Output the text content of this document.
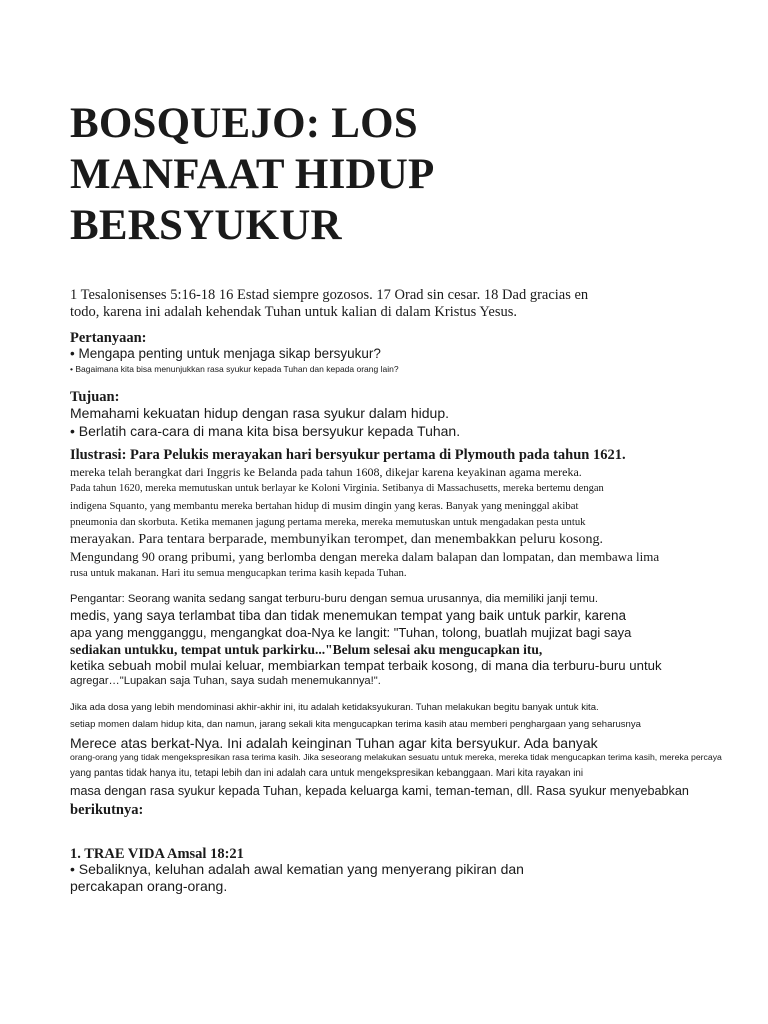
BOSQUEJO: LOS
MANFAAT HIDUP
BERSYUKUR

1 Tesalonisenses 5:16-18 16 Estad siempre gozosos. 17 Orad sin cesar. 18 Dad gracias en

todo, karena ini adalah kehendak Tuhan untuk kalian di dalam Kristus Yesus.

Pertanyaan:

• Mengapa penting untuk menjaga sikap bersyukur?

• Bagaimana kita bisa menunjukkan rasa syukur kepada Tuhan dan kepada orang lain?

Tujuan:

Memahami kekuatan hidup dengan rasa syukur dalam hidup.

• Berlatih cara-cara di mana kita bisa bersyukur kepada Tuhan.

Ilustrasi: Para Pelukis merayakan hari bersyukur pertama di Plymouth pada tahun 1621.

mereka telah berangkat dari Inggris ke Belanda pada tahun 1608, dikejar karena keyakinan agama mereka.

Pada tahun 1620, mereka memutuskan untuk berlayar ke Koloni Virginia. Setibanya di Massachusetts, mereka bertemu dengan

indigena Squanto, yang membantu mereka bertahan hidup di musim dingin yang keras. Banyak yang meninggal akibat

pneumonia dan skorbuta. Ketika memanen jagung pertama mereka, mereka memutuskan untuk mengadakan pesta untuk

merayakan. Para tentara berparade, membunyikan terompet, dan menembakkan peluru kosong.

Mengundang 90 orang pribumi, yang berlomba dengan mereka dalam balapan dan lompatan, dan membawa lima

rusa untuk makanan. Hari itu semua mengucapkan terima kasih kepada Tuhan.

Pengantar: Seorang wanita sedang sangat terburu-buru dengan semua urusannya, dia memiliki janji temu.

medis, yang saya terlambat tiba dan tidak menemukan tempat yang baik untuk parkir, karena

apa yang mengganggu, mengangkat doa-Nya ke langit: "Tuhan, tolong, buatlah mujizat bagi saya

sediakan untukku, tempat untuk parkirku..."Belum selesai aku mengucapkan itu,

ketika sebuah mobil mulai keluar, membiarkan tempat terbaik kosong, di mana dia terburu-buru untuk

agregar…"Lupakan saja Tuhan, saya sudah menemukannya!".

Jika ada dosa yang lebih mendominasi akhir-akhir ini, itu adalah ketidaksyukuran. Tuhan melakukan begitu banyak untuk kita.

setiap momen dalam hidup kita, dan namun, jarang sekali kita mengucapkan terima kasih atau memberi penghargaan yang seharusnya

Merece atas berkat-Nya. Ini adalah keinginan Tuhan agar kita bersyukur. Ada banyak

orang-orang yang tidak mengekspresikan rasa terima kasih. Jika seseorang melakukan sesuatu untuk mereka, mereka tidak mengucapkan terima kasih, mereka percaya

yang pantas tidak hanya itu, tetapi lebih dan ini adalah cara untuk mengekspresikan kebanggaan. Mari kita rayakan ini

masa dengan rasa syukur kepada Tuhan, kepada keluarga kami, teman-teman, dll. Rasa syukur menyebabkan

berikutnya:

1. TRAE VIDA Amsal 18:21

• Sebaliknya, keluhan adalah awal kematian yang menyerang pikiran dan

percakapan orang-orang.
